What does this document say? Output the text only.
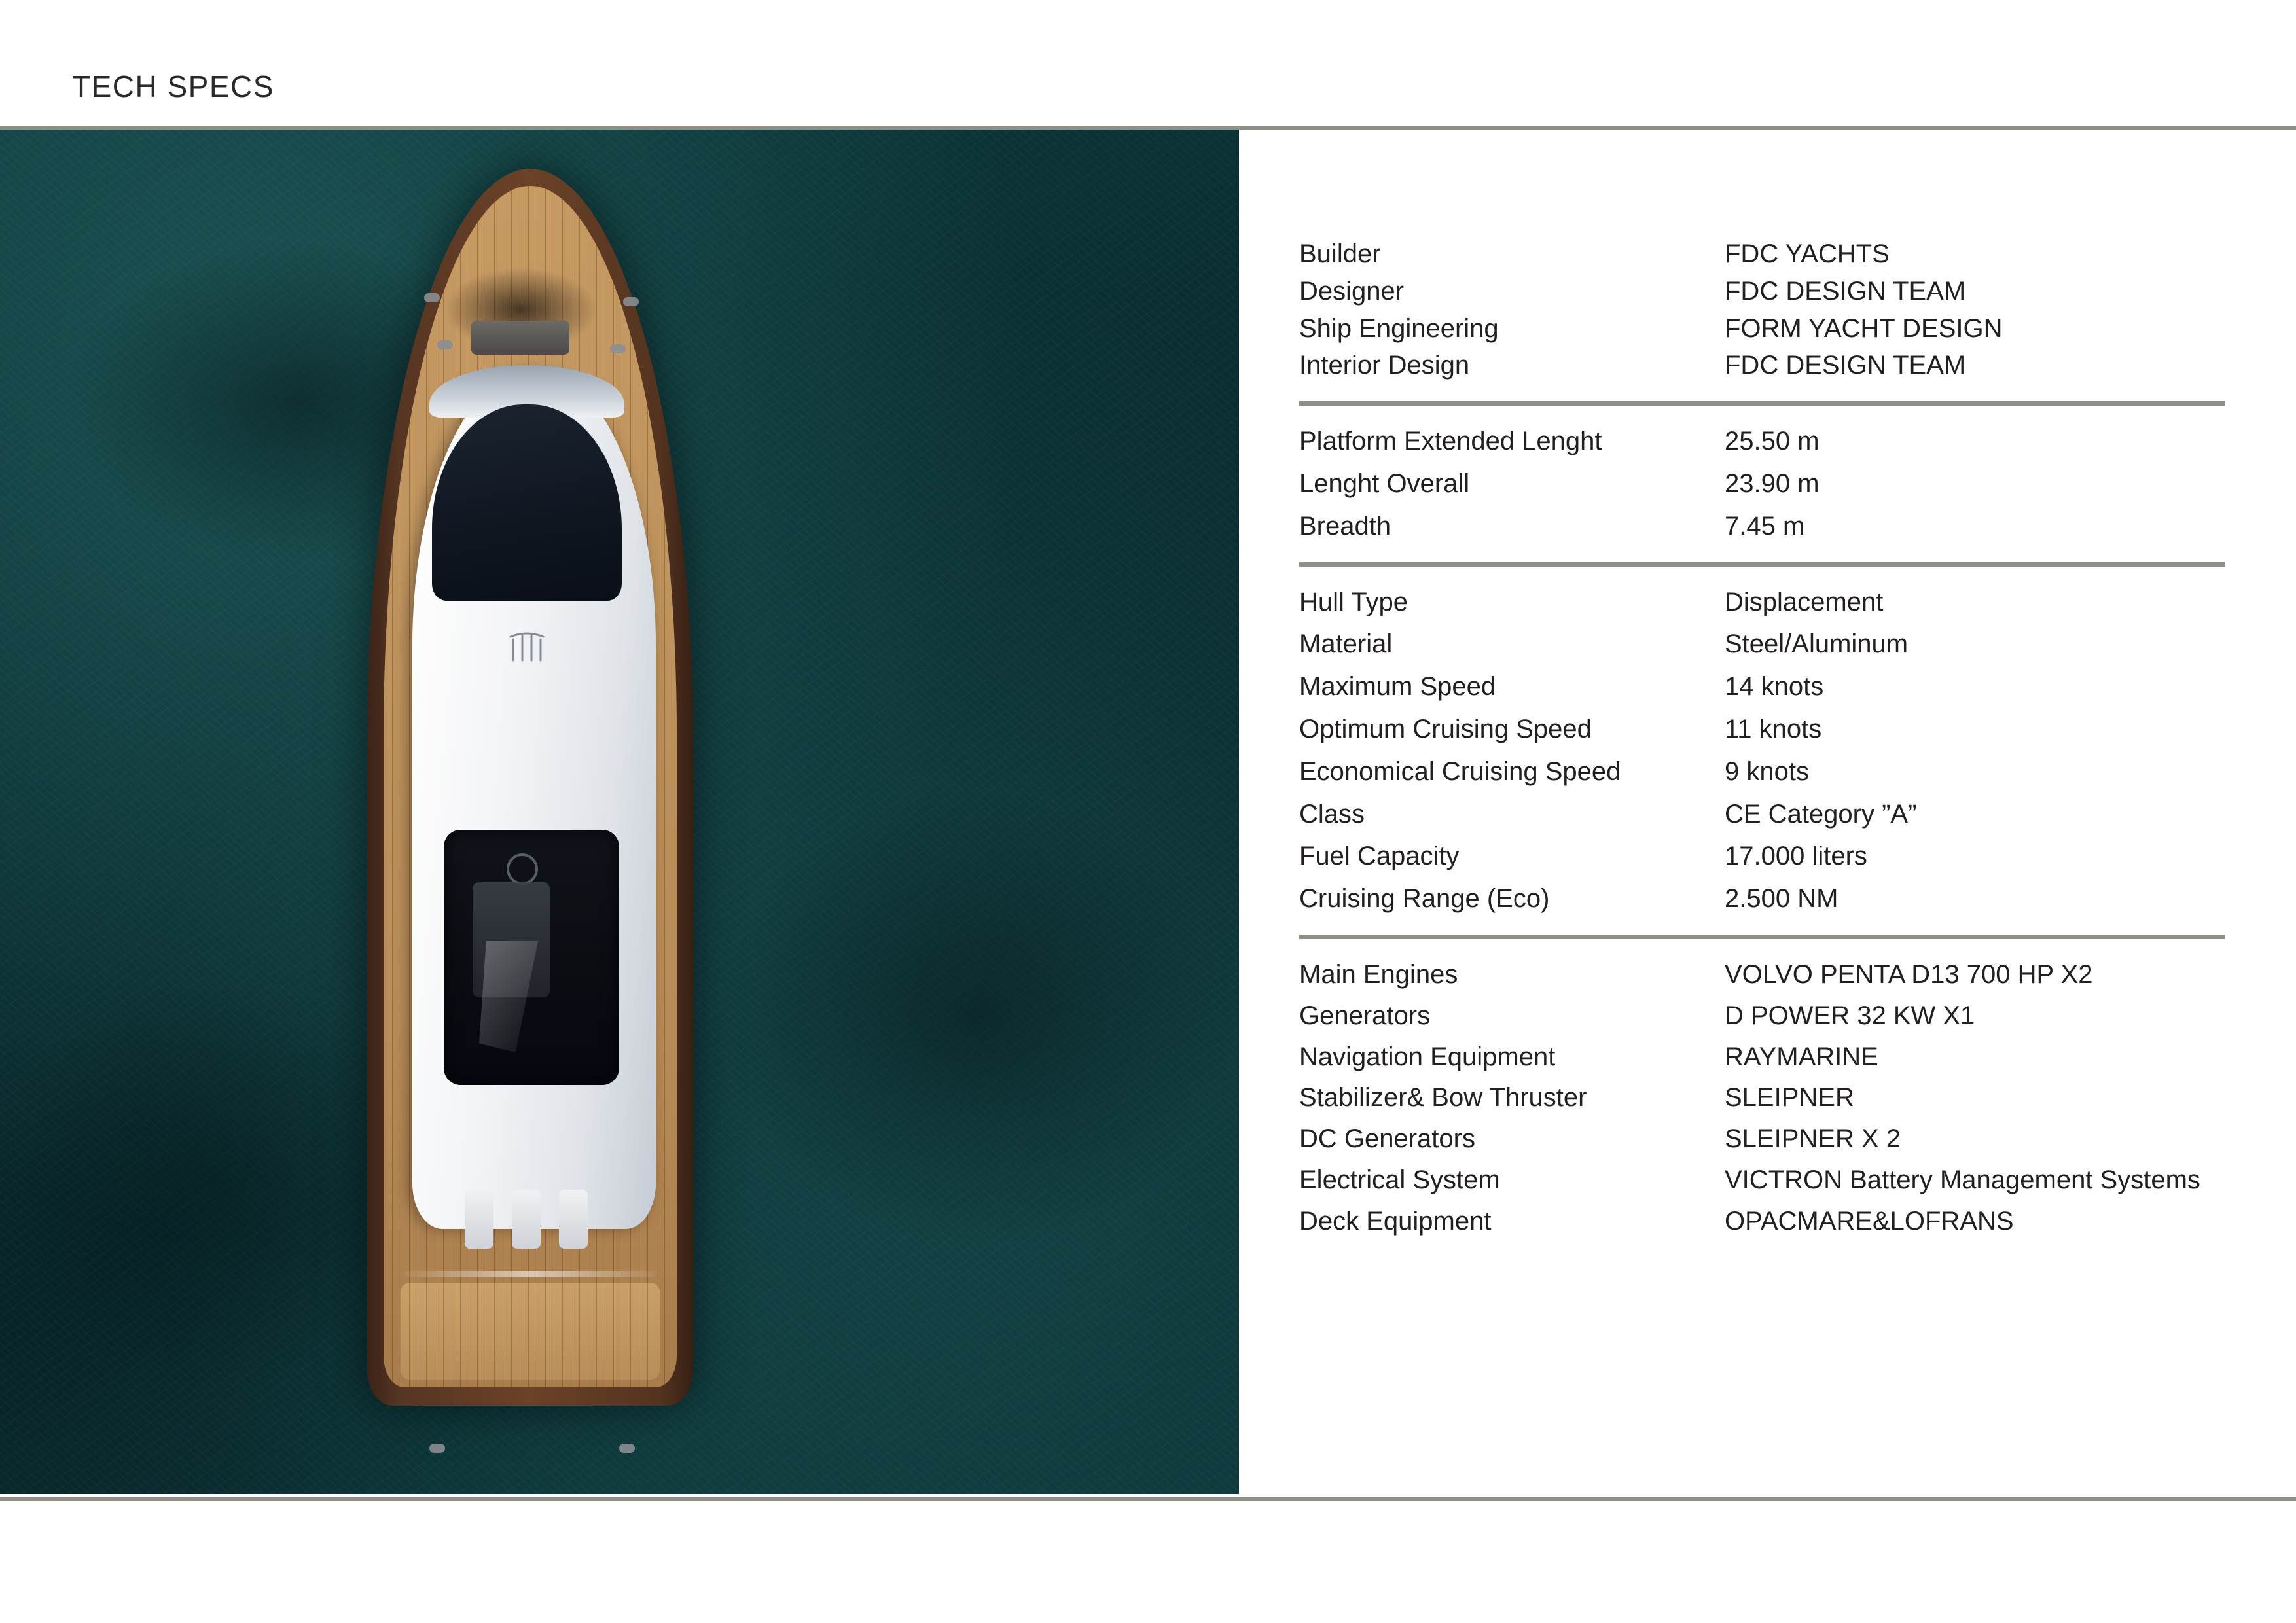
TECH SPECS
Builder	FDC YACHTS
Designer	FDC DESIGN TEAM
Ship Engineering	FORM YACHT DESIGN
Interior Design	FDC DESIGN TEAM
Platform Extended Lenght	25.50 m
Lenght Overall	23.90 m
Breadth	7.45 m
Hull Type	Displacement
Material	Steel/Aluminum
Maximum Speed	14 knots
Optimum Cruising Speed	11 knots
Economical Cruising Speed	9 knots
Class	CE Category ”A”
Fuel Capacity	17.000 liters
Cruising Range (Eco)	2.500 NM
Main Engines	VOLVO PENTA D13 700 HP X2
Generators	D POWER 32 KW X1
Navigation Equipment	RAYMARINE
Stabilizer& Bow Thruster	SLEIPNER
DC Generators	SLEIPNER X 2
Electrical System	VICTRON Battery Management Systems
Deck Equipment	OPACMARE&LOFRANS
